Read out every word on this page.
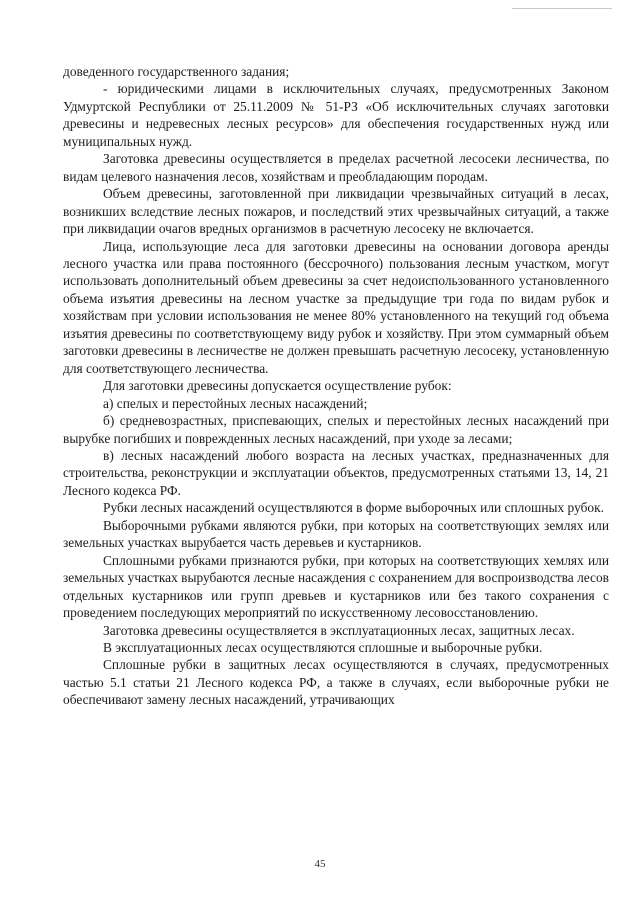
доведенного государственного задания;

- юридическими лицами в исключительных случаях, предусмотренных Законом Удмуртской Республики от 25.11.2009 № 51-РЗ «Об исключительных случаях заготовки древесины и недревесных лесных ресурсов» для обеспечения государственных нужд или муниципальных нужд.

Заготовка древесины осуществляется в пределах расчетной лесосеки лесничества, по видам целевого назначения лесов, хозяйствам и преобладающим породам.

Объем древесины, заготовленной при ликвидации чрезвычайных ситуаций в лесах, возникших вследствие лесных пожаров, и последствий этих чрезвычайных ситуаций, а также при ликвидации очагов вредных организмов в расчетную лесосеку не включается.

Лица, использующие леса для заготовки древесины на основании договора аренды лесного участка или права постоянного (бессрочного) пользования лесным участком, могут использовать дополнительный объем древесины за счет недоиспользованного установленного объема изъятия древесины на лесном участке за предыдущие три года по видам рубок и хозяйствам при условии использования не менее 80% установленного на текущий год объема изъятия древесины по соответствующему виду рубок и хозяйству. При этом суммарный объем заготовки древесины в лесничестве не должен превышать расчетную лесосеку, установленную для соответствующего лесничества.

Для заготовки древесины допускается осуществление рубок:

а) спелых и перестойных лесных насаждений;

б) средневозрастных, приспевающих, спелых и перестойных лесных насаждений при вырубке погибших и поврежденных лесных насаждений, при уходе за лесами;

в) лесных насаждений любого возраста на лесных участках, предназначенных для строительства, реконструкции и эксплуатации объектов, предусмотренных статьями 13, 14, 21 Лесного кодекса РФ.

Рубки лесных насаждений осуществляются в форме выборочных или сплошных рубок.

Выборочными рубками являются рубки, при которых на соответствующих землях или земельных участках вырубается часть деревьев и кустарников.

Сплошными рубками признаются рубки, при которых на соответствующих хемлях или земельных участках вырубаются лесные насаждения с сохранением для воспроизводства лесов отдельных кустарников или групп древьев и кустарников или без такого сохранения с проведением последующих мероприятий по искусственному лесовосстановлению.

Заготовка древесины осуществляется в эксплуатационных лесах, защитных лесах.

В эксплуатационных лесах осуществляются сплошные и выборочные рубки.

Сплошные рубки в защитных лесах осуществляются в случаях, предусмотренных частью 5.1 статьи 21 Лесного кодекса РФ, а также в случаях, если выборочные рубки не обеспечивают замену лесных насаждений, утрачивающих

45
